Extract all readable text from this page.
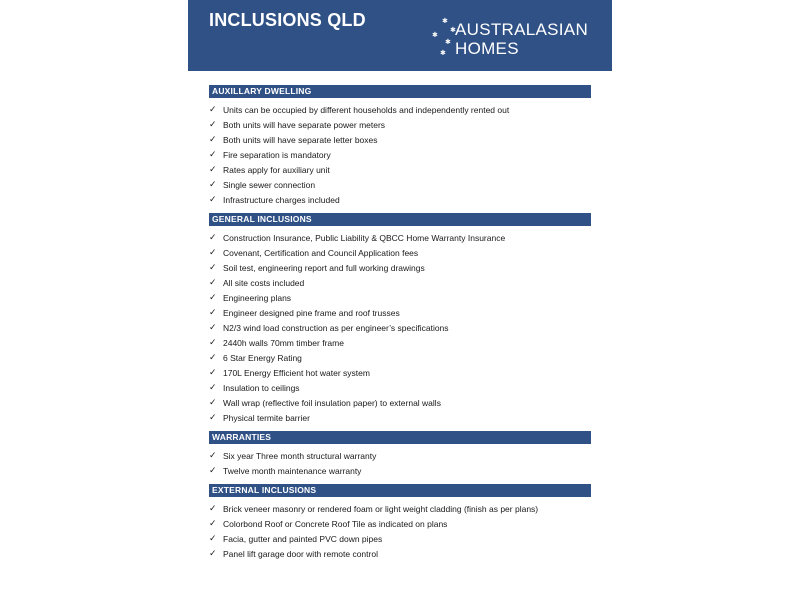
INCLUSIONS QLD	✱
✱
✱
✱
✱
AUSTRALASIAN
HOMES
AUXILLARY DWELLING
✓ Units can be occupied by different households and independently rented out
✓ Both units will have separate power meters
✓ Both units will have separate letter boxes
✓ Fire separation is mandatory
✓ Rates apply for auxiliary unit
✓ Single sewer connection
✓ Infrastructure charges included
GENERAL INCLUSIONS
✓ Construction Insurance, Public Liability & QBCC Home Warranty Insurance
✓ Covenant, Certification and Council Application fees
✓ Soil test, engineering report and full working drawings
✓ All site costs included
✓ Engineering plans
✓ Engineer designed pine frame and roof trusses
✓ N2/3 wind load construction as per engineer’s specifications
✓ 2440h walls 70mm timber frame
✓ 6 Star Energy Rating
✓ 170L Energy Efficient hot water system
✓ Insulation to ceilings
✓ Wall wrap (reflective foil insulation paper) to external walls
✓ Physical termite barrier
WARRANTIES
✓ Six year Three month structural warranty
✓ Twelve month maintenance warranty
EXTERNAL INCLUSIONS
✓ Brick veneer masonry or rendered foam or light weight cladding (finish as per plans)
✓ Colorbond Roof or Concrete Roof Tile as indicated on plans
✓ Facia, gutter and painted PVC down pipes
✓ Panel lift garage door with remote control
